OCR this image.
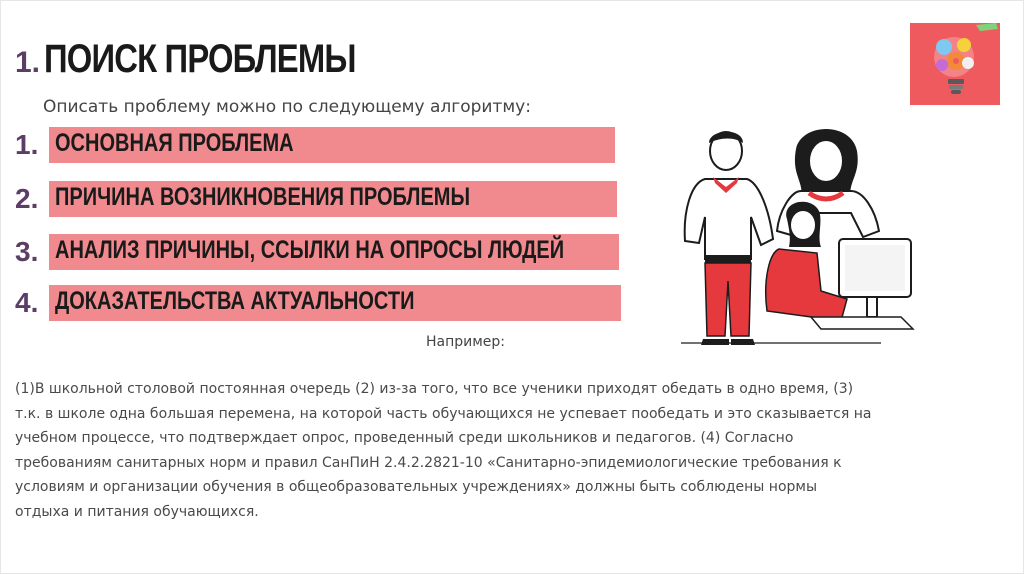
1. ПОИСК ПРОБЛЕМЫ
Описать проблему можно по следующему алгоритму:
1. ОСНОВНАЯ ПРОБЛЕМА
2. ПРИЧИНА ВОЗНИКНОВЕНИЯ ПРОБЛЕМЫ
3. АНАЛИЗ ПРИЧИНЫ, ССЫЛКИ НА ОПРОСЫ ЛЮДЕЙ
4. ДОКАЗАТЕЛЬСТВА АКТУАЛЬНОСТИ
Например:
(1)В школьной столовой постоянная очередь (2) из-за того, что все ученики приходят обедать в одно время, (3)
т.к. в школе одна большая перемена, на которой часть обучающихся не успевает пообедать и это сказывается на
учебном процессе, что подтверждает опрос, проведенный среди школьников и педагогов. (4) Согласно
требованиям санитарных норм и правил СанПиН 2.4.2.2821-10 «Санитарно-эпидемиологические требования к
условиям и организации обучения в общеобразовательных учреждениях» должны быть соблюдены нормы
отдыха и питания обучающихся.
